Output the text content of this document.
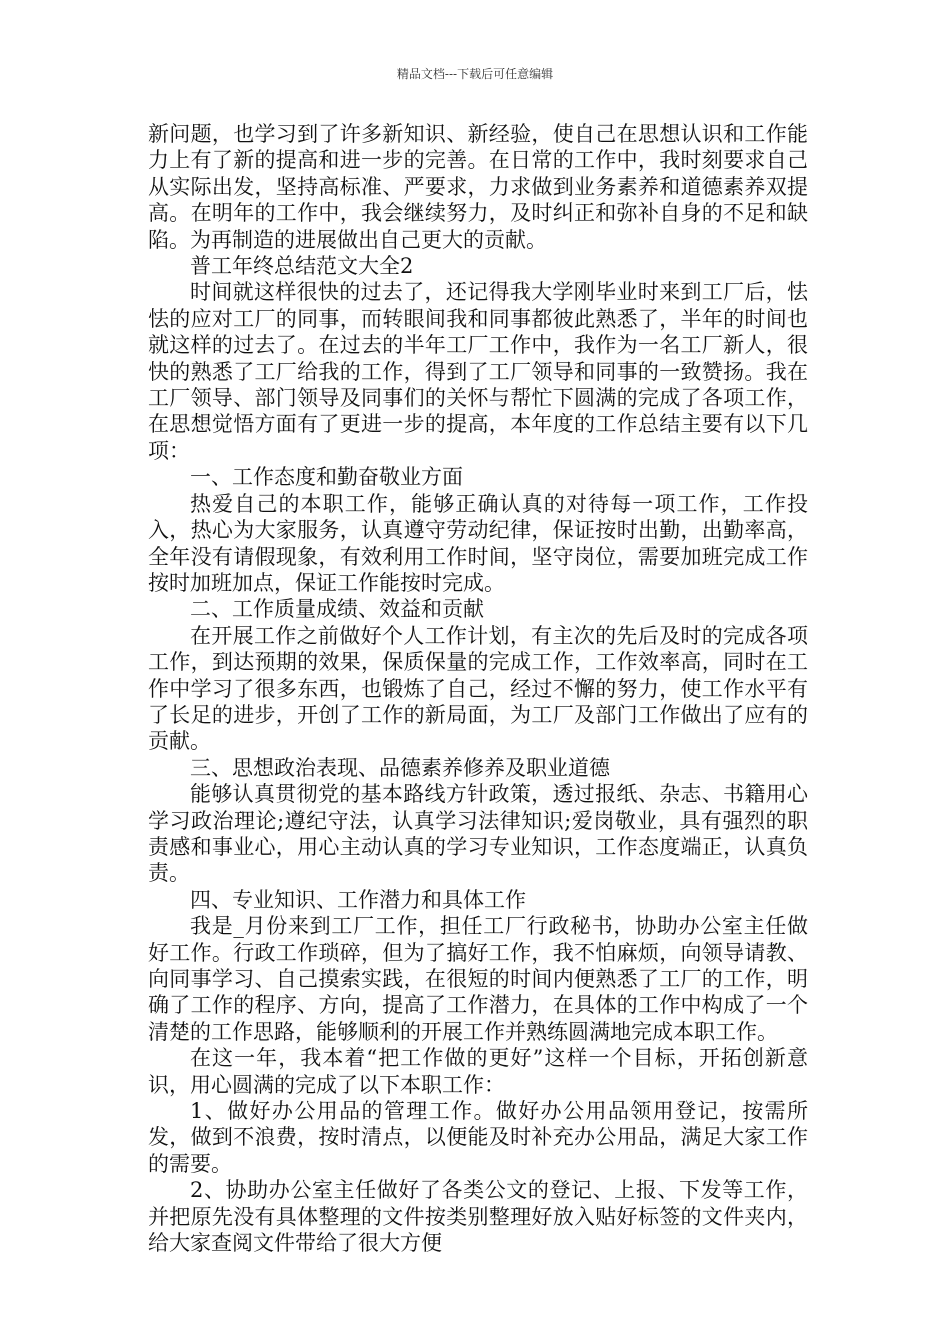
精品文档---下载后可任意编辑

新问题，也学习到了许多新知识、新经验，使自己在思想认识和工作能力上有了新的提高和进一步的完善。在日常的工作中，我时刻要求自己从实际出发，坚持高标准、严要求，力求做到业务素养和道德素养双提高。在明年的工作中，我会继续努力，及时纠正和弥补自身的不足和缺陷。为再制造的进展做出自己更大的贡献。

普工年终总结范文大全2

时间就这样很快的过去了，还记得我大学刚毕业时来到工厂后，怯怯的应对工厂的同事，而转眼间我和同事都彼此熟悉了，半年的时间也就这样的过去了。在过去的半年工厂工作中，我作为一名工厂新人，很快的熟悉了工厂给我的工作，得到了工厂领导和同事的一致赞扬。我在工厂领导、部门领导及同事们的关怀与帮忙下圆满的完成了各项工作，在思想觉悟方面有了更进一步的提高，本年度的工作总结主要有以下几项：

一、工作态度和勤奋敬业方面

热爱自己的本职工作，能够正确认真的对待每一项工作，工作投入，热心为大家服务，认真遵守劳动纪律，保证按时出勤，出勤率高，全年没有请假现象，有效利用工作时间，坚守岗位，需要加班完成工作按时加班加点，保证工作能按时完成。

二、工作质量成绩、效益和贡献

在开展工作之前做好个人工作计划，有主次的先后及时的完成各项工作，到达预期的效果，保质保量的完成工作，工作效率高，同时在工作中学习了很多东西，也锻炼了自己，经过不懈的努力，使工作水平有了长足的进步，开创了工作的新局面，为工厂及部门工作做出了应有的贡献。

三、思想政治表现、品德素养修养及职业道德

能够认真贯彻党的基本路线方针政策，透过报纸、杂志、书籍用心学习政治理论;遵纪守法，认真学习法律知识;爱岗敬业，具有强烈的职责感和事业心，用心主动认真的学习专业知识，工作态度端正，认真负责。

四、专业知识、工作潜力和具体工作

我是_月份来到工厂工作，担任工厂行政秘书，协助办公室主任做好工作。行政工作琐碎，但为了搞好工作，我不怕麻烦，向领导请教、向同事学习、自己摸索实践，在很短的时间内便熟悉了工厂的工作，明确了工作的程序、方向，提高了工作潜力，在具体的工作中构成了一个清楚的工作思路，能够顺利的开展工作并熟练圆满地完成本职工作。

在这一年，我本着“把工作做的更好”这样一个目标，开拓创新意识，用心圆满的完成了以下本职工作：

1、做好办公用品的管理工作。做好办公用品领用登记，按需所发，做到不浪费，按时清点，以便能及时补充办公用品，满足大家工作的需要。

2、协助办公室主任做好了各类公文的登记、上报、下发等工作，并把原先没有具体整理的文件按类别整理好放入贴好标签的文件夹内，给大家查阅文件带给了很大方便
